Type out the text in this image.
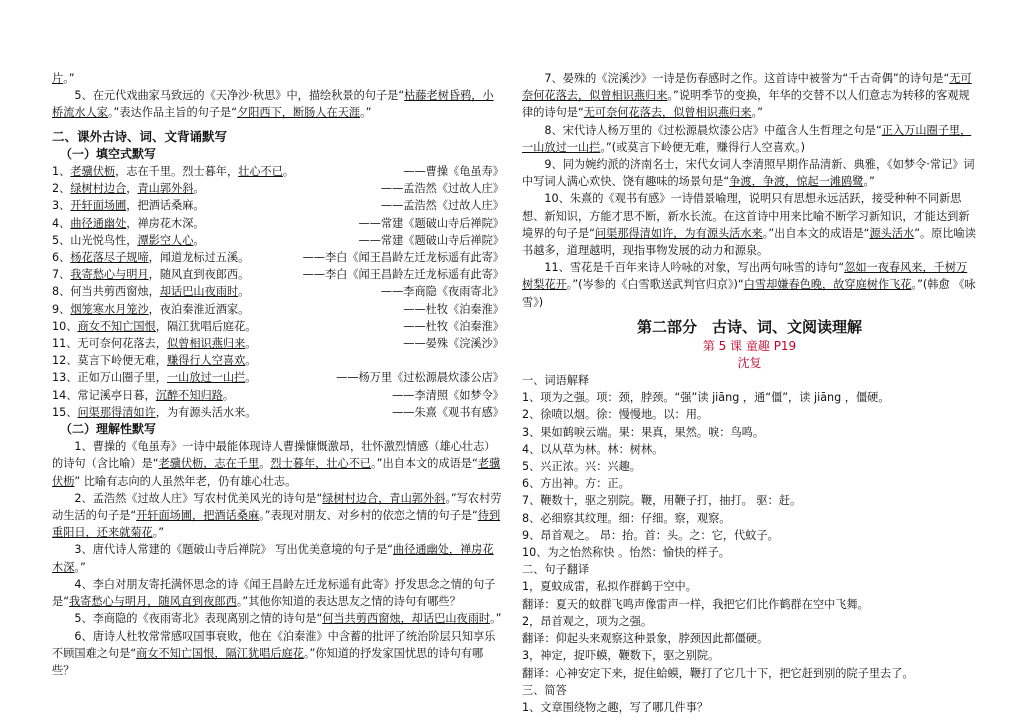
片。”

5、在元代戏曲家马致远的《天净沙·秋思》中，描绘秋景的句子是“枯藤老树昏鸦，小桥流水人家。”表达作品主旨的句子是“夕阳西下，断肠人在天涯。”

二、课外古诗、词、文背诵默写
（一）填空式默写
1、老骥伏枥，志在千里。烈士暮年，壮心不已。	——曹操《龟虽寿》
2、绿树村边合，青山郭外斜。	——孟浩然《过故人庄》
3、开轩面场圃，把酒话桑麻。	——孟浩然《过故人庄》
4、曲径通幽处，禅房花木深。	——常建《题破山寺后禅院》
5、山光悦鸟性，潭影空人心。	——常建《题破山寺后禅院》
6、杨花落尽子规啼，闻道龙标过五溪。	——李白《闻王昌龄左迁龙标遥有此寄》
7、我寄愁心与明月，随风直到夜郎西。	——李白《闻王昌龄左迁龙标遥有此寄》
8、何当共剪西窗烛，却话巴山夜雨时。	——李商隐《夜雨寄北》
9、烟笼寒水月笼沙，夜泊秦淮近酒家。	——杜牧《泊秦淮》
10、商女不知亡国恨，隔江犹唱后庭花。	——杜牧《泊秦淮》
11、无可奈何花落去，似曾相识燕归来。	——晏殊《浣溪沙》
12、莫言下岭便无难，赚得行人空喜欢。
13、正如万山圈子里，一山放过一山拦。	——杨万里《过松源晨炊漆公店》
14、常记溪亭日暮，沉醉不知归路。	——李清照《如梦令》
15、问渠那得清如许，为有源头活水来。	——朱熹《观书有感》
（二）理解性默写

1、曹操的《龟虽寿》一诗中最能体现诗人曹操慷慨激昂，壮怀激烈情感（雄心壮志）的诗句（含比喻）是“老骥伏枥，志在千里。烈士暮年，壮心不已。”出自本文的成语是“老骥伏枥” 比喻有志向的人虽然年老，仍有雄心壮志。

2、孟浩然《过故人庄》写农村优美风光的诗句是“绿树村边合，青山郭外斜。”写农村劳动生活的句子是“开轩面场圃，把酒话桑麻。”表现对朋友、对乡村的依恋之情的句子是“待到重阳日，还来就菊花。”

3、唐代诗人常建的《题破山寺后禅院》 写出优美意境的句子是“曲径通幽处，禅房花木深。”

4、李白对朋友寄托满怀思念的诗《闻王昌龄左迁龙标遥有此寄》抒发思念之情的句子是“我寄愁心与明月，随风直到夜郎西。”其他你知道的表达思友之情的诗句有哪些？

5、李商隐的《夜雨寄北》表现离别之情的诗句是“何当共剪西窗烛，却话巴山夜雨时。”

6、唐诗人杜牧常常感叹国事衰败，他在《泊秦淮》中含蓄的批评了统治阶层只知享乐不顾国难之句是“商女不知亡国恨，隔江犹唱后庭花。”你知道的抒发家国忧思的诗句有哪些？

7、晏殊的《浣溪沙》一诗是伤春感时之作。这首诗中被誉为“千古奇偶”的诗句是“无可奈何花落去，似曾相识燕归来。”说明季节的变换，年华的交替不以人们意志为转移的客观规律的诗句是“无可奈何花落去，似曾相识燕归来。”

8、宋代诗人杨万里的《过松源晨炊漆公店》中蕴含人生哲理之句是“正入万山圈子里，一山放过一山拦。”(或莫言下岭便无难，赚得行人空喜欢。)

9、同为婉约派的济南名士，宋代女词人李清照早期作品清新、典雅，《如梦令·常记》词中写词人满心欢快、饶有趣味的场景句是“争渡，争渡，惊起一滩鸥鹭。”

10、朱熹的《观书有感》一诗借景喻理，说明只有思想永远活跃，接受种种不同新思想、新知识，方能才思不断，新水长流。在这首诗中用来比喻不断学习新知识，才能达到新境界的句子是“问渠那得清如许，为有源头活水来。”出自本文的成语是“源头活水”。原比喻读书越多，道理越明，现指事物发展的动力和源泉。

11、雪花是千百年来诗人吟咏的对象，写出两句咏雪的诗句“忽如一夜春风来，千树万树梨花开。”(岑参的《白雪歌送武判官归京》)“白雪却嫌春色晚，故穿庭树作飞花。”(韩愈 《咏雪》)

第二部分　古诗、词、文阅读理解
第 5 课 童趣 P19
沈复

一、词语解释

1、项为之强。项：颈，脖颈。“强”读 jiāng ，通“僵”，读 jiāng ，僵硬。

2、徐喷以烟。徐：慢慢地。以：用。

3、果如鹤唳云端。果：果真，果然。唳：鸟鸣。

4、以从草为林。林：树林。

5、兴正浓。兴：兴趣。

6、方出神。方：正。

7、鞭数十，驱之别院。鞭，用鞭子打，抽打。 驱：赶。

8、必细察其纹理。细：仔细。察，观察。

9、昂首观之。 昂：抬。首：头。之：它，代蚊子。

10、为之怡然称快 。怡然：愉快的样子。

二、句子翻译

1，夏蚊成雷，私拟作群鹤于空中。

翻译：夏天的蚊群飞鸣声像雷声一样，我把它们比作鹤群在空中飞舞。

2，昂首观之，项为之强。

翻译：仰起头来观察这种景象，脖颈因此都僵硬。

3，神定，捉吓蟆，鞭数下，驱之别院。

翻译：心神安定下来，捉住蛤蟆，鞭打了它几十下，把它赶到别的院子里去了。

三、简答

1、文章围绕物之趣，写了哪几件事？
